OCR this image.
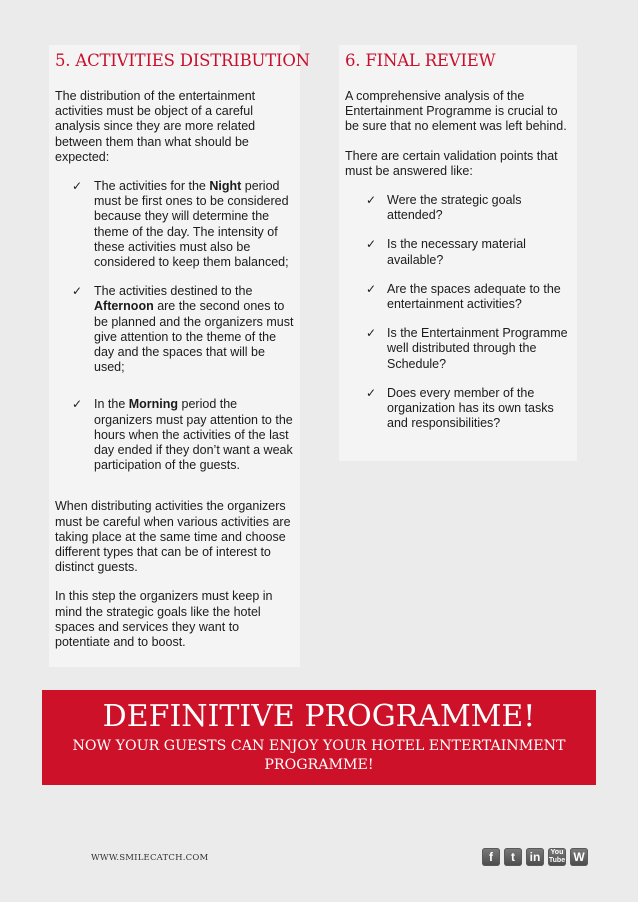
5. ACTIVITIES DISTRIBUTION

The distribution of the entertainment activities must be object of a careful analysis since they are more related between them than what should be expected:

✓ The activities for the Night period must be first ones to be considered because they will determine the theme of the day. The intensity of these activities must also be considered to keep them balanced;
✓ The activities destined to the Afternoon are the second ones to be planned and the organizers must give attention to the theme of the day and the spaces that will be used;
✓ In the Morning period the organizers must pay attention to the hours when the activities of the last day ended if they don’t want a weak participation of the guests.

When distributing activities the organizers must be careful when various activities are taking place at the same time and choose different types that can be of interest to distinct guests.

In this step the organizers must keep in mind the strategic goals like the hotel spaces and services they want to potentiate and to boost.

6. FINAL REVIEW

A comprehensive analysis of the Entertainment Programme is crucial to be sure that no element was left behind.

There are certain validation points that must be answered like:

✓ Were the strategic goals attended?
✓ Is the necessary material available?
✓ Are the spaces adequate to the entertainment activities?
✓ Is the Entertainment Programme well distributed through the Schedule?
✓ Does every member of the organization has its own tasks and responsibilities?
DEFINITIVE PROGRAMME!
NOW YOUR GUESTS CAN ENJOY YOUR HOTEL ENTERTAINMENT PROGRAMME!
WWW.SMILECATCH.COM	f	t	in	You Tube W
